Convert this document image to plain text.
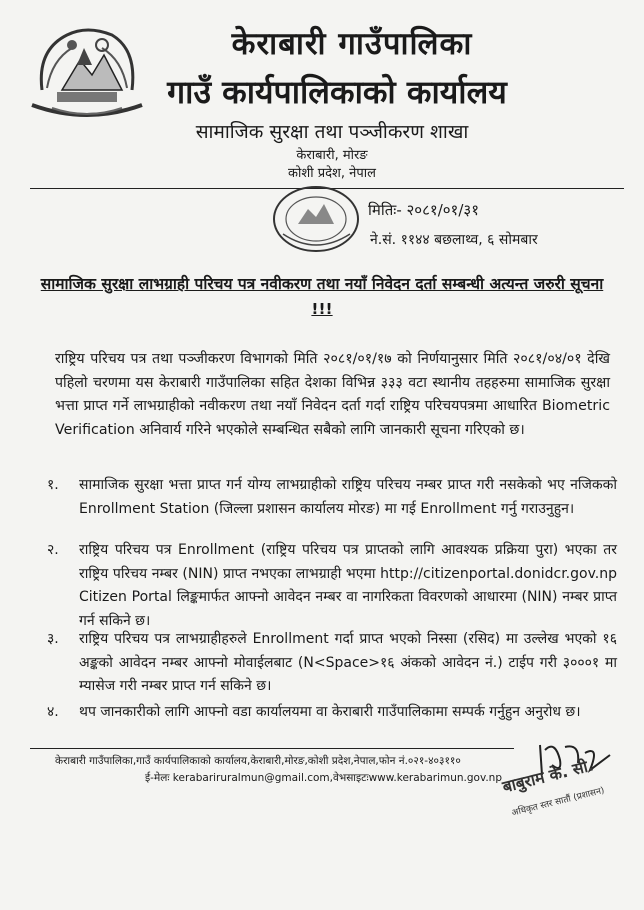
केराबारी गाउँपालिका
गाउँ कार्यपालिकाको कार्यालय
सामाजिक सुरक्षा तथा पञ्जीकरण शाखा
केराबारी, मोरङ
कोशी प्रदेश, नेपाल
मितिः- २०८१/०१/३१
ने.सं. ११४४ बछलाथ्व, ६ सोमबार
सामाजिक सुरक्षा लाभग्राही परिचय पत्र नवीकरण तथा नयाँ निवेदन दर्ता सम्बन्धी अत्यन्त जरुरी सूचना !!!
राष्ट्रिय परिचय पत्र तथा पञ्जीकरण विभागको मिति २०८१/०१/१७ को निर्णयानुसार मिति २०८१/०४/०१ देखि पहिलो चरणमा यस केराबारी गाउँपालिका सहित देशका विभिन्न ३३३ वटा स्थानीय तहहरुमा सामाजिक सुरक्षा भत्ता प्राप्त गर्ने लाभग्राहीको नवीकरण तथा नयाँ निवेदन दर्ता गर्दा राष्ट्रिय परिचयपत्रमा आधारित Biometric Verification अनिवार्य गरिने भएकोले सम्बन्धित सबैको लागि जानकारी सूचना गरिएको छ।
१.	सामाजिक सुरक्षा भत्ता प्राप्त गर्न योग्य लाभग्राहीको राष्ट्रिय परिचय नम्बर प्राप्त गरी नसकेको भए नजिकको Enrollment Station (जिल्ला प्रशासन कार्यालय मोरङ) मा गई Enrollment गर्नु गराउनुहुन।
२.	राष्ट्रिय परिचय पत्र Enrollment (राष्ट्रिय परिचय पत्र प्राप्तको लागि आवश्यक प्रक्रिया पुरा) भएका तर राष्ट्रिय परिचय नम्बर (NIN) प्राप्त नभएका लाभग्राही भएमा http://citizenportal.donidcr.gov.np Citizen Portal लिङ्कमार्फत आफ्नो आवेदन नम्बर वा नागरिकता विवरणको आधारमा (NIN) नम्बर प्राप्त गर्न सकिने छ।
३.	राष्ट्रिय परिचय पत्र लाभग्राहीहरुले Enrollment गर्दा प्राप्त भएको निस्सा (रसिद) मा उल्लेख भएको १६ अङ्कको आवेदन नम्बर आफ्नो मोवाईलबाट (N<Space>१६ अंकको आवेदन नं.) टाईप गरी ३०००१ मा म्यासेज गरी नम्बर प्राप्त गर्न सकिने छ।
४.	थप जानकारीको लागि आफ्नो वडा कार्यालयमा वा केराबारी गाउँपालिकामा सम्पर्क गर्नुहुन अनुरोध छ।
केराबारी गाउँपालिका,गाउँ कार्यपालिकाको कार्यालय,केराबारी,मोरङ,कोशी प्रदेश,नेपाल,फोन नं.०२१-४०३११०
ई-मेलः kerabariruralmun@gmail.com,वेभसाइटःwww.kerabarimun.gov.np
बाबुराम के. सी.
अधिकृत स्तर सातौं (प्रशासन)
